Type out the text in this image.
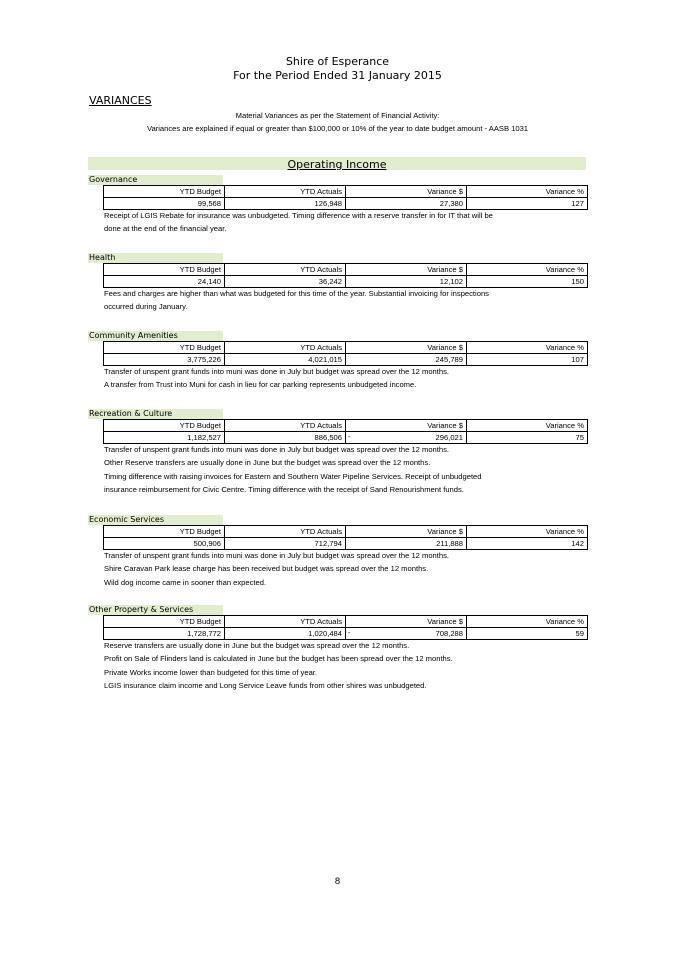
Shire of Esperance
For the Period Ended 31 January 2015
VARIANCES
Material Variances as per the Statement of Financial Activity:
Variances are explained if equal or greater than $100,000 or 10% of the year to date budget amount - AASB 1031
Operating Income
Governance
YTD Budget	YTD Actuals	Variance $	Variance %
99,568	126,948	27,380	127
Receipt of LGIS Rebate for insurance was unbudgeted. Timing difference with a reserve transfer in for IT that will be
done at the end of the financial year.
Health
YTD Budget	YTD Actuals	Variance $	Variance %
24,140	36,242	12,102	150
Fees and charges are higher than what was budgeted for this time of the year. Substantial invoicing for inspections
occurred during January.
Community Amenities
YTD Budget	YTD Actuals	Variance $	Variance %
3,775,226	4,021,015	245,789	107
Transfer of unspent grant funds into muni was done in July but budget was spread over the 12 months.
A transfer from Trust into Muni for cash in lieu for car parking represents unbudgeted income.
Recreation & Culture
YTD Budget	YTD Actuals	Variance $	Variance %
1,182,527	886,506	- 296,021	75
Transfer of unspent grant funds into muni was done in July but budget was spread over the 12 months.
Other Reserve transfers are usually done in June but the budget was spread over the 12 months.
Timing difference with raising invoices for Eastern and Southern Water Pipeline Services. Receipt of unbudgeted
insurance reimbursement for Civic Centre. Timing difference with the receipt of Sand Renourishment funds.
Economic Services
YTD Budget	YTD Actuals	Variance $	Variance %
500,906	712,794	211,888	142
Transfer of unspent grant funds into muni was done in July but budget was spread over the 12 months.
Shire Caravan Park lease charge has been received but budget was spread over the 12 months.
Wild dog income came in sooner than expected.
Other Property & Services
YTD Budget	YTD Actuals	Variance $	Variance %
1,728,772	1,020,484	- 708,288	59
Reserve transfers are usually done in June but the budget was spread over the 12 months.
Profit on Sale of Flinders land is calculated in June but the budget has been spread over the 12 months.
Private Works income lower than budgeted for this time of year.
LGIS insurance claim income and Long Service Leave funds from other shires was unbudgeted.
8
